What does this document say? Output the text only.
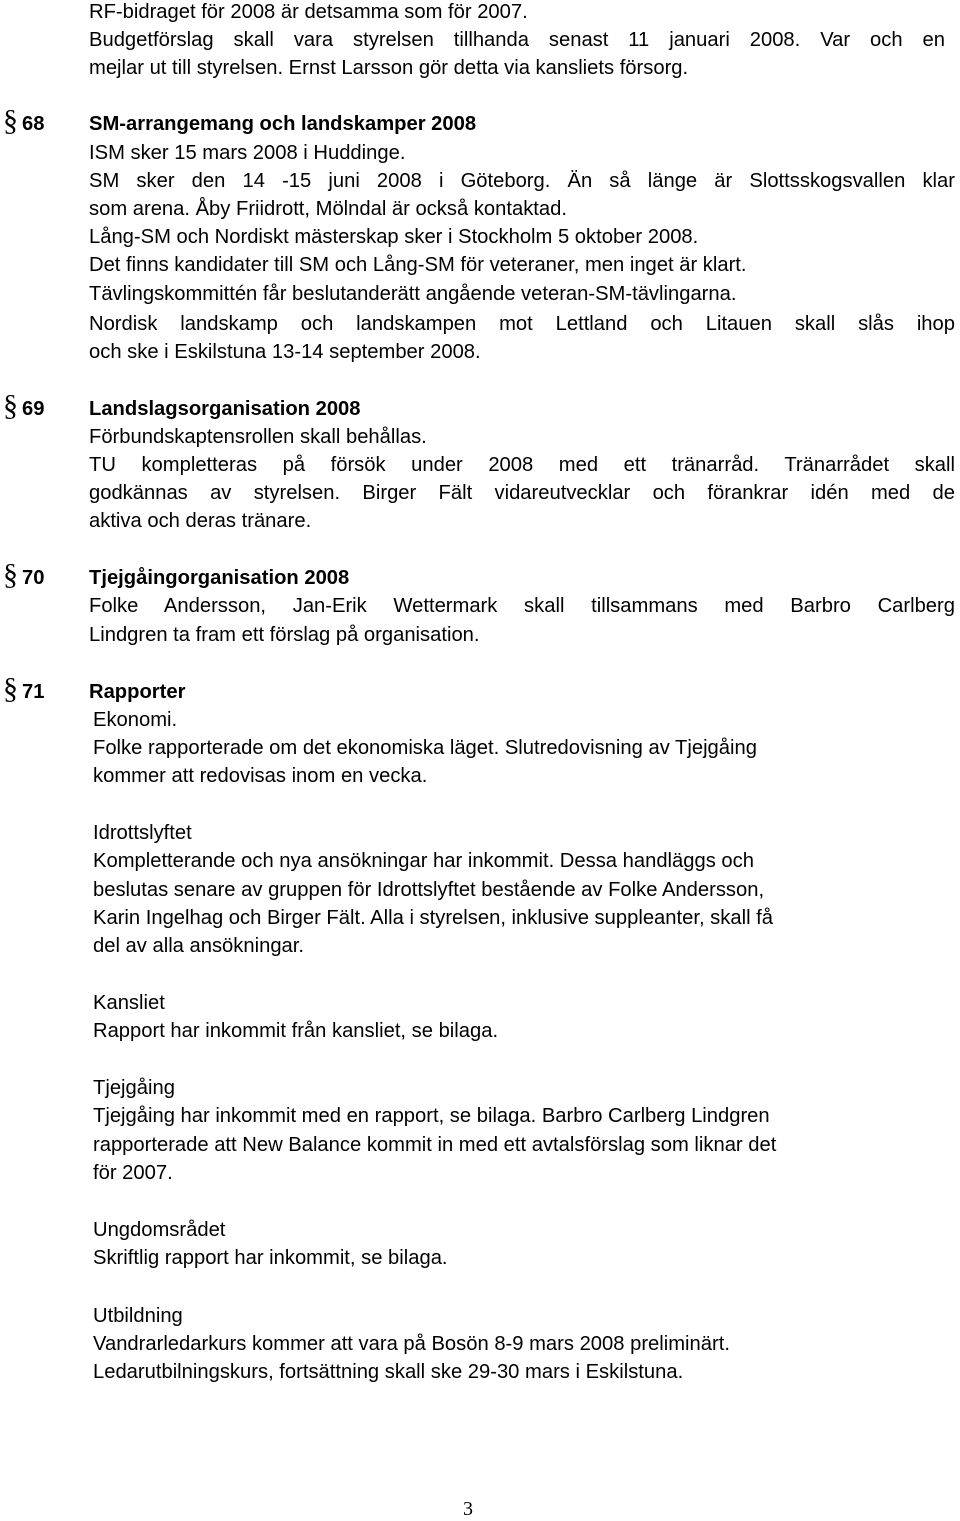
RF-bidraget för 2008 är detsamma som för 2007.
Budgetförslag skall vara styrelsen tillhanda senast 11 januari 2008. Var och en
mejlar ut till styrelsen. Ernst Larsson gör detta via kansliets försorg.
§ 68 SM-arrangemang och landskamper 2008
ISM sker 15 mars 2008 i Huddinge.
SM sker den 14 -15 juni 2008 i Göteborg. Än så länge är Slottsskogsvallen klar
som arena. Åby Friidrott, Mölndal är också kontaktad.
Lång-SM och Nordiskt mästerskap sker i Stockholm 5 oktober 2008.
Det finns kandidater till SM och Lång-SM för veteraner, men inget är klart.
Tävlingskommittén får beslutanderätt angående veteran-SM-tävlingarna.
Nordisk landskamp och landskampen mot Lettland och Litauen skall slås ihop
och ske i Eskilstuna 13-14 september 2008.
§ 69 Landslagsorganisation 2008
Förbundskaptensrollen skall behållas.
TU kompletteras på försök under 2008 med ett tränarråd. Tränarrådet skall
godkännas av styrelsen. Birger Fält vidareutvecklar och förankrar idén med de
aktiva och deras tränare.
§ 70 Tjejgåingorganisation 2008
Folke Andersson, Jan-Erik Wettermark skall tillsammans med Barbro Carlberg
Lindgren ta fram ett förslag på organisation.
§ 71 Rapporter
Ekonomi.
Folke rapporterade om det ekonomiska läget. Slutredovisning av Tjejgåing
kommer att redovisas inom en vecka.
Idrottslyftet
Kompletterande och nya ansökningar har inkommit. Dessa handläggs och
beslutas senare av gruppen för Idrottslyftet bestående av Folke Andersson,
Karin Ingelhag och Birger Fält. Alla i styrelsen, inklusive suppleanter, skall få
del av alla ansökningar.
Kansliet
Rapport har inkommit från kansliet, se bilaga.
Tjejgåing
Tjejgåing har inkommit med en rapport, se bilaga. Barbro Carlberg Lindgren
rapporterade att New Balance kommit in med ett avtalsförslag som liknar det
för 2007.
Ungdomsrådet
Skriftlig rapport har inkommit, se bilaga.
Utbildning
Vandrarledarkurs kommer att vara på Bosön 8-9 mars 2008 preliminärt.
Ledarutbilningskurs, fortsättning skall ske 29-30 mars i Eskilstuna.
3
